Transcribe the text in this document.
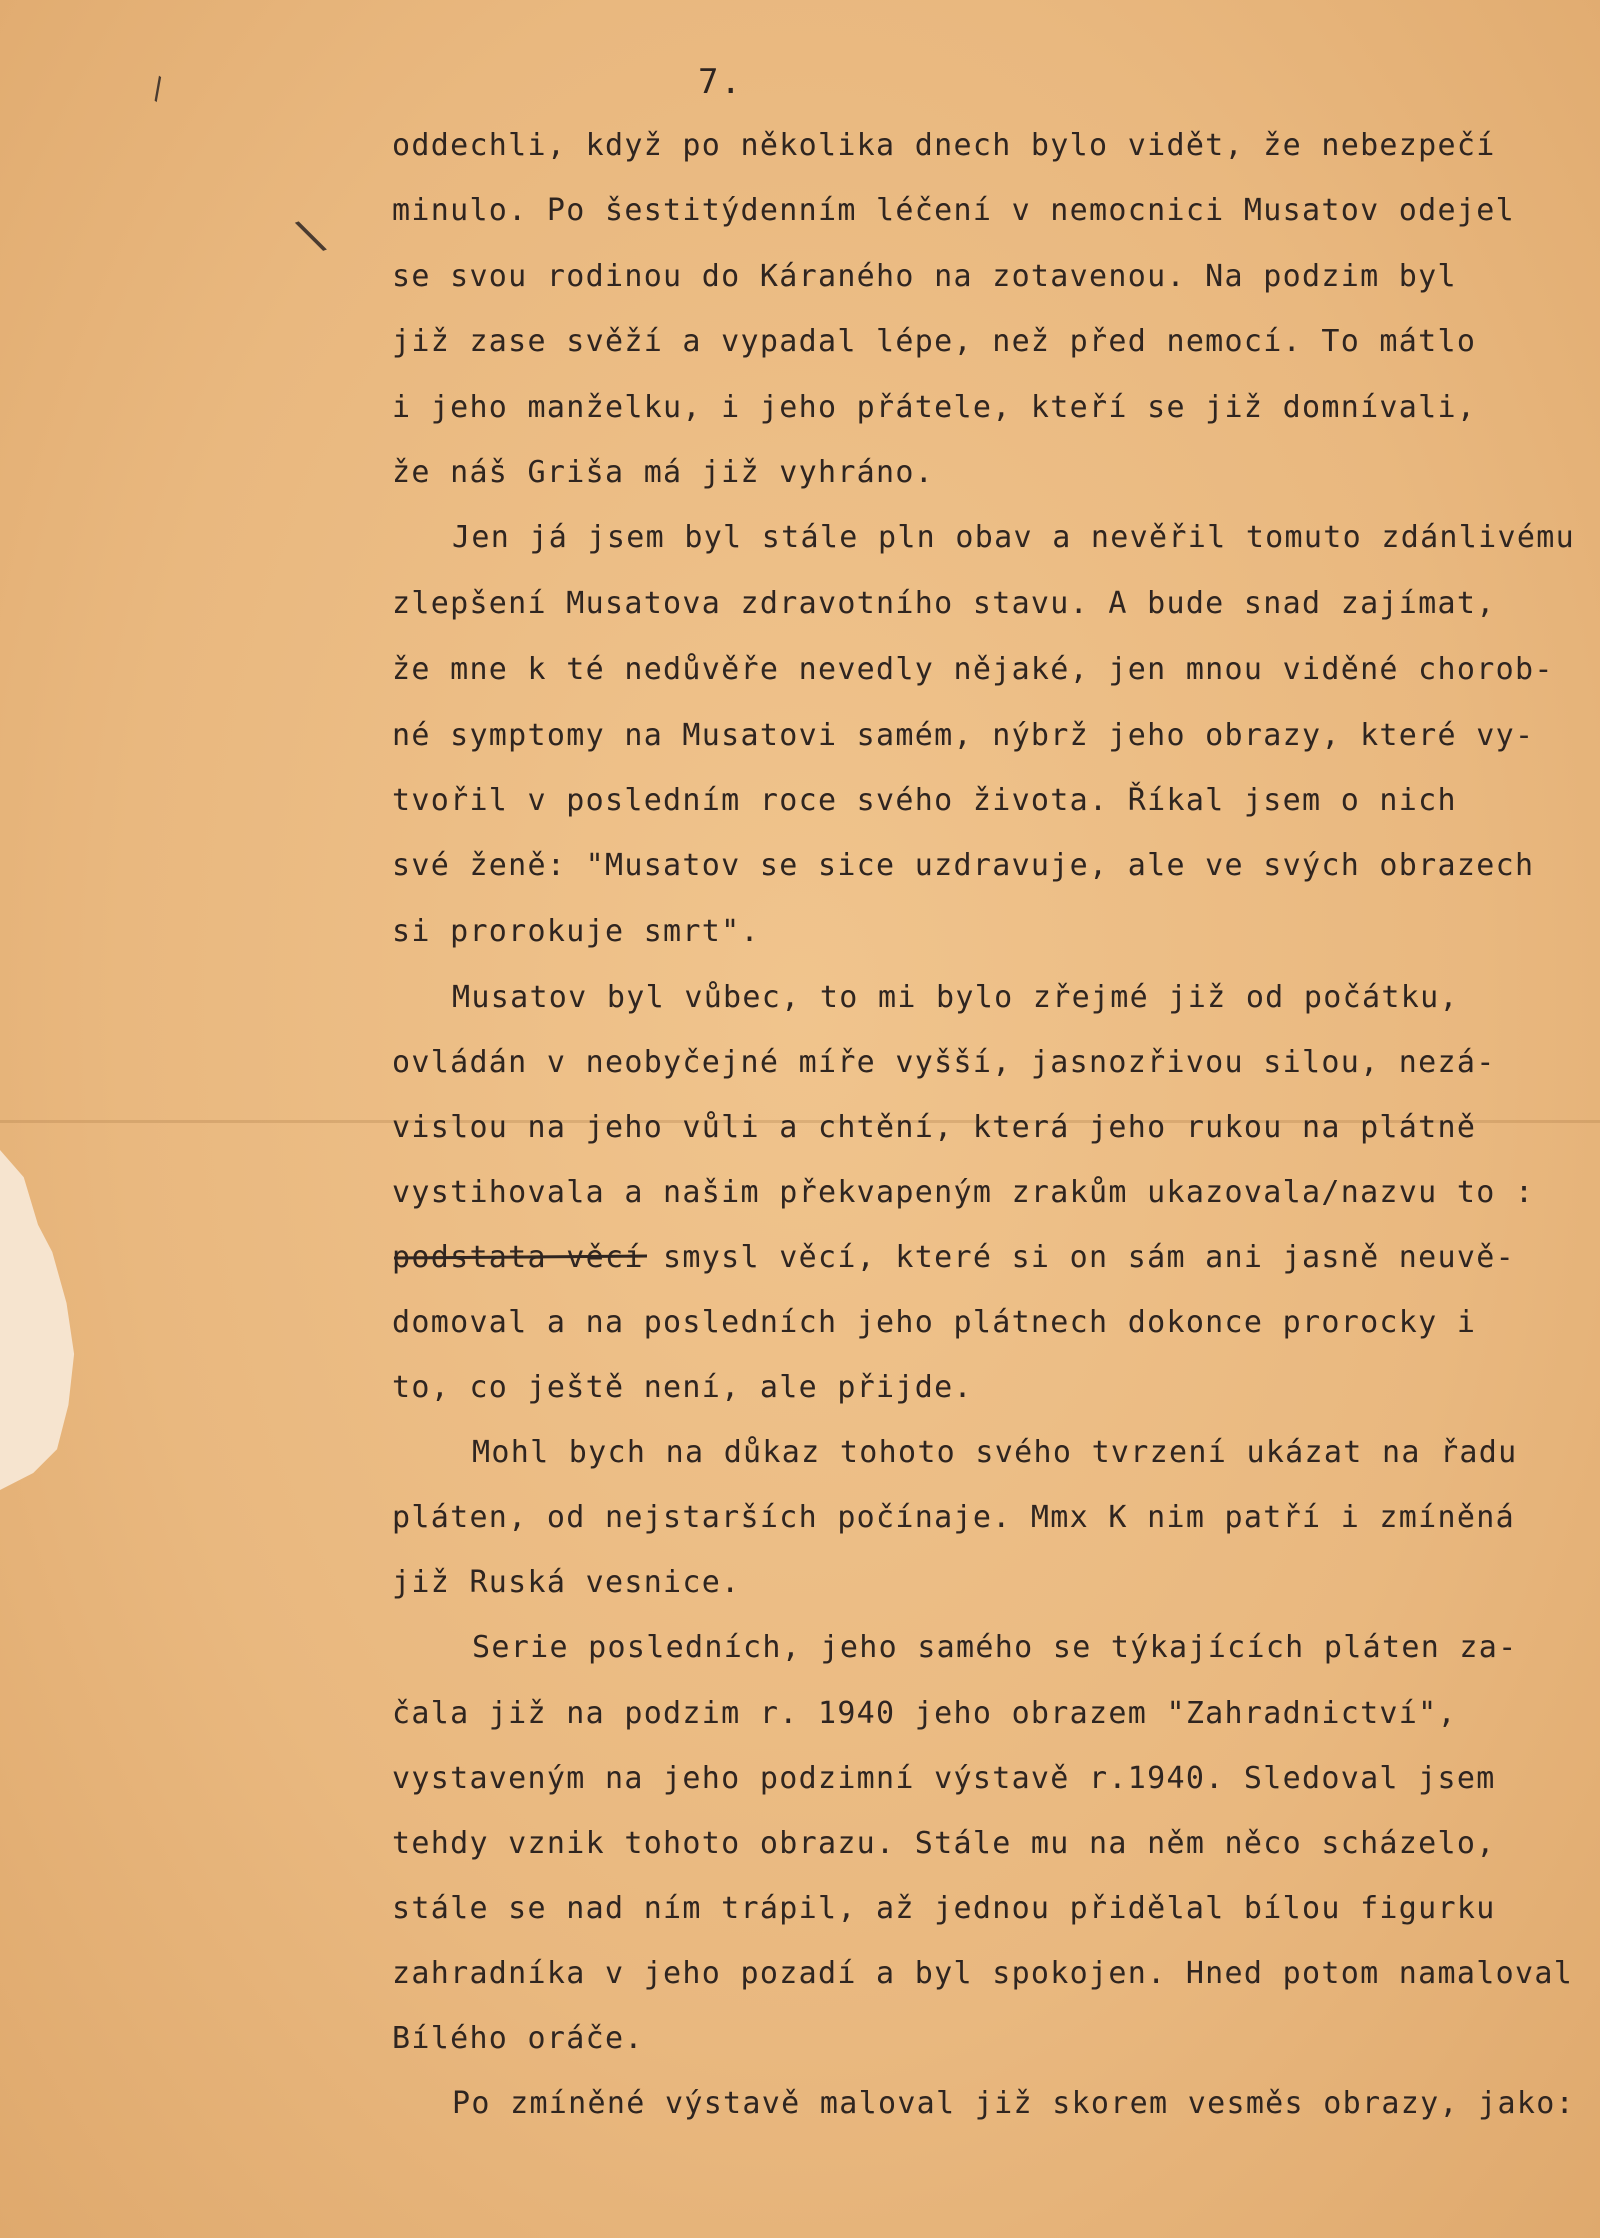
\
\
7.
oddechli, když po několika dnech bylo vidět, že nebezpečí
minulo. Po šestitýdenním léčení v nemocnici Musatov odejel
se svou rodinou do Káraného na zotavenou. Na podzim byl
již zase svěží a vypadal lépe, než před nemocí. To mátlo
i jeho manželku, i jeho přátele, kteří se již domnívali,
že náš Griša má již vyhráno.
Jen já jsem byl stále pln obav a nevěřil tomuto zdánlivému
zlepšení Musatova zdravotního stavu. A bude snad zajímat,
že mne k té nedůvěře nevedly nějaké, jen mnou viděné chorob-
né symptomy na Musatovi samém, nýbrž jeho obrazy, které vy-
tvořil v posledním roce svého života. Říkal jsem o nich
své ženě: "Musatov se sice uzdravuje, ale ve svých obrazech
si prorokuje smrt".
Musatov byl vůbec, to mi bylo zřejmé již od počátku,
ovládán v neobyčejné míře vyšší, jasnozřivou silou, nezá-
vislou na jeho vůli a chtění, která jeho rukou na plátně
vystihovala a našim překvapeným zrakům ukazovala/nazvu to :
podstata věcí smysl věcí, které si on sám ani jasně neuvě-
domoval a na posledních jeho plátnech dokonce prorocky i
to, co ještě není, ale přijde.
Mohl bych na důkaz tohoto svého tvrzení ukázat na řadu
pláten, od nejstarších počínaje. Mmx K nim patří i zmíněná
již Ruská vesnice.
Serie posledních, jeho samého se týkajících pláten za-
čala již na podzim r. 1940 jeho obrazem "Zahradnictví",
vystaveným na jeho podzimní výstavě r.1940. Sledoval jsem
tehdy vznik tohoto obrazu. Stále mu na něm něco scházelo,
stále se nad ním trápil, až jednou přidělal bílou figurku
zahradníka v jeho pozadí a byl spokojen. Hned potom namaloval
Bílého oráče.
Po zmíněné výstavě maloval již skorem vesměs obrazy, jako:
